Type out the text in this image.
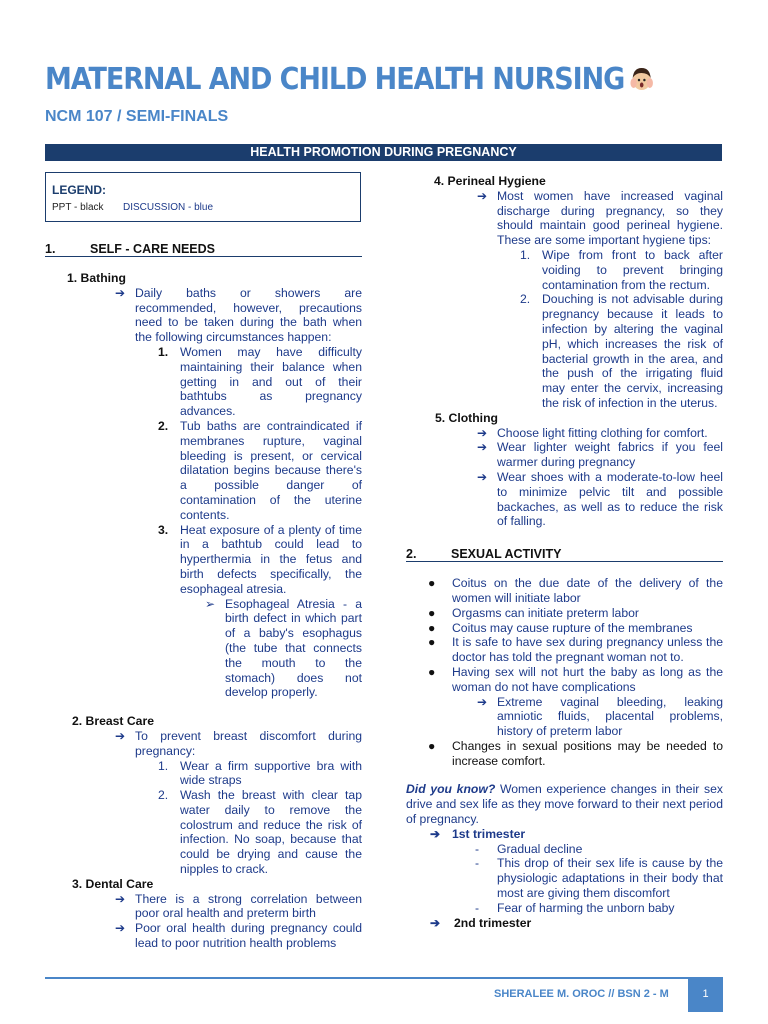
MATERNAL AND CHILD HEALTH NURSING
NCM 107 / SEMI-FINALS
HEALTH PROMOTION DURING PREGNANCY
LEGEND:
PPT - black DISCUSSION - blue
1.	SELF - CARE NEEDS
1. Bathing
➔ Daily baths or showers are recommended, however, precautions need to be taken during the bath when the following circumstances happen:
1. Women may have difficulty maintaining their balance when getting in and out of their bathtubs as pregnancy advances.
2. Tub baths are contraindicated if membranes rupture, vaginal bleeding is present, or cervical dilatation begins because there's a possible danger of contamination of the uterine contents.
3. Heat exposure of a plenty of time in a bathtub could lead to hyperthermia in the fetus and birth defects specifically, the esophageal atresia.
➢ Esophageal Atresia - a birth defect in which part of a baby's esophagus (the tube that connects the mouth to the stomach) does not develop properly.
2. Breast Care
➔ To prevent breast discomfort during pregnancy:
1. Wear a firm supportive bra with wide straps
2. Wash the breast with clear tap water daily to remove the colostrum and reduce the risk of infection. No soap, because that could be drying and cause the nipples to crack.
3. Dental Care
➔ There is a strong correlation between poor oral health and preterm birth
➔ Poor oral health during pregnancy could lead to poor nutrition health problems
4. Perineal Hygiene
➔ Most women have increased vaginal discharge during pregnancy, so they should maintain good perineal hygiene. These are some important hygiene tips:
1. Wipe from front to back after voiding to prevent bringing contamination from the rectum.
2. Douching is not advisable during pregnancy because it leads to infection by altering the vaginal pH, which increases the risk of bacterial growth in the area, and the push of the irrigating fluid may enter the cervix, increasing the risk of infection in the uterus.
5. Clothing
➔ Choose light fitting clothing for comfort.
➔ Wear lighter weight fabrics if you feel warmer during pregnancy
➔ Wear shoes with a moderate-to-low heel to minimize pelvic tilt and possible backaches, as well as to reduce the risk of falling.
2.	SEXUAL ACTIVITY
● Coitus on the due date of the delivery of the women will initiate labor
● Orgasms can initiate preterm labor
● Coitus may cause rupture of the membranes
● It is safe to have sex during pregnancy unless the doctor has told the pregnant woman not to.
● Having sex will not hurt the baby as long as the woman do not have complications
➔ Extreme vaginal bleeding, leaking amniotic fluids, placental problems, history of preterm labor
● Changes in sexual positions may be needed to increase comfort.
Did you know? Women experience changes in their sex drive and sex life as they move forward to their next period of pregnancy.
➔ 1st trimester
- Gradual decline
- This drop of their sex life is cause by the physiologic adaptations in their body that most are giving them discomfort
- Fear of harming the unborn baby
➔ 2nd trimester
SHERALEE M. OROC // BSN 2 - M	1
